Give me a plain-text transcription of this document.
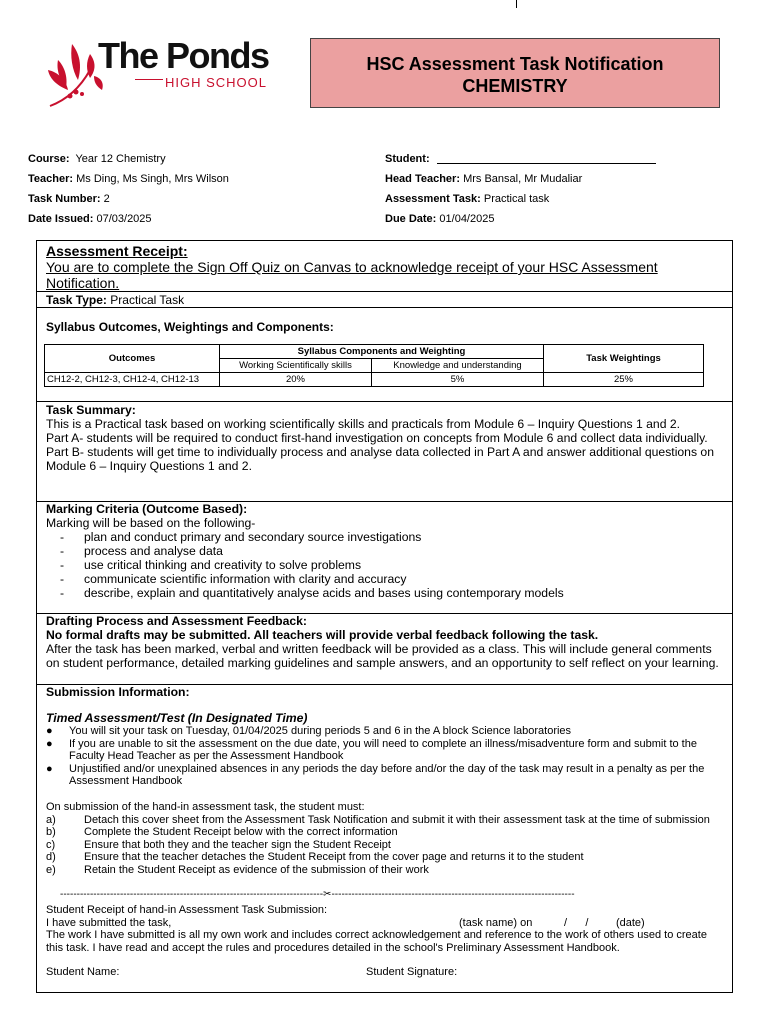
The Ponds
HIGH SCHOOL
HSC Assessment Task Notification
CHEMISTRY
Course: Year 12 Chemistry
Teacher: Ms Ding, Ms Singh, Mrs Wilson
Task Number: 2
Date Issued: 07/03/2025
Student:
Head Teacher: Mrs Bansal, Mr Mudaliar
Assessment Task: Practical task
Due Date: 01/04/2025
Assessment Receipt:
You are to complete the Sign Off Quiz on Canvas to acknowledge receipt of your HSC Assessment Notification.
Task Type: Practical Task
Syllabus Outcomes, Weightings and Components:
Outcomes	Syllabus Components and Weighting		Task Weightings
	Working Scientifically skills	Knowledge and understanding	
CH12-2, CH12-3, CH12-4, CH12-13	20%	5%	25%
Task Summary:
This is a Practical task based on working scientifically skills and practicals from Module 6 – Inquiry Questions 1 and 2.
Part A- students will be required to conduct first-hand investigation on concepts from Module 6 and collect data individually.
Part B- students will get time to individually process and analyse data collected in Part A and answer additional questions on Module 6 – Inquiry Questions 1 and 2.
Marking Criteria (Outcome Based):
Marking will be based on the following-
- plan and conduct primary and secondary source investigations
- process and analyse data
- use critical thinking and creativity to solve problems
- communicate scientific information with clarity and accuracy
- describe, explain and quantitatively analyse acids and bases using contemporary models
Drafting Process and Assessment Feedback:
No formal drafts may be submitted. All teachers will provide verbal feedback following the task.
After the task has been marked, verbal and written feedback will be provided as a class. This will include general comments on student performance, detailed marking guidelines and sample answers, and an opportunity to self reflect on your learning.
Submission Information:
Timed Assessment/Test (In Designated Time)
● You will sit your task on Tuesday, 01/04/2025 during periods 5 and 6 in the A block Science laboratories
● If you are unable to sit the assessment on the due date, you will need to complete an illness/misadventure form and submit to the Faculty Head Teacher as per the Assessment Handbook
● Unjustified and/or unexplained absences in any periods the day before and/or the day of the task may result in a penalty as per the Assessment Handbook
On submission of the hand-in assessment task, the student must:
a)	Detach this cover sheet from the Assessment Task Notification and submit it with their assessment task at the time of submission
b)	Complete the Student Receipt below with the correct information
c)	Ensure that both they and the teacher sign the Student Receipt
d)	Ensure that the teacher detaches the Student Receipt from the cover page and returns it to the student
e)	Retain the Student Receipt as evidence of the submission of their work
-------------------------------------------------------------------------------✂-------------------------------------------------------------------------
Student Receipt of hand-in Assessment Task Submission:
I have submitted the task,	(task name) on	/      /         (date)
The work I have submitted is all my own work and includes correct acknowledgement and reference to the work of others used to create this task. I have read and accept the rules and procedures detailed in the school's Preliminary Assessment Handbook.
Student Name:	Student Signature:
